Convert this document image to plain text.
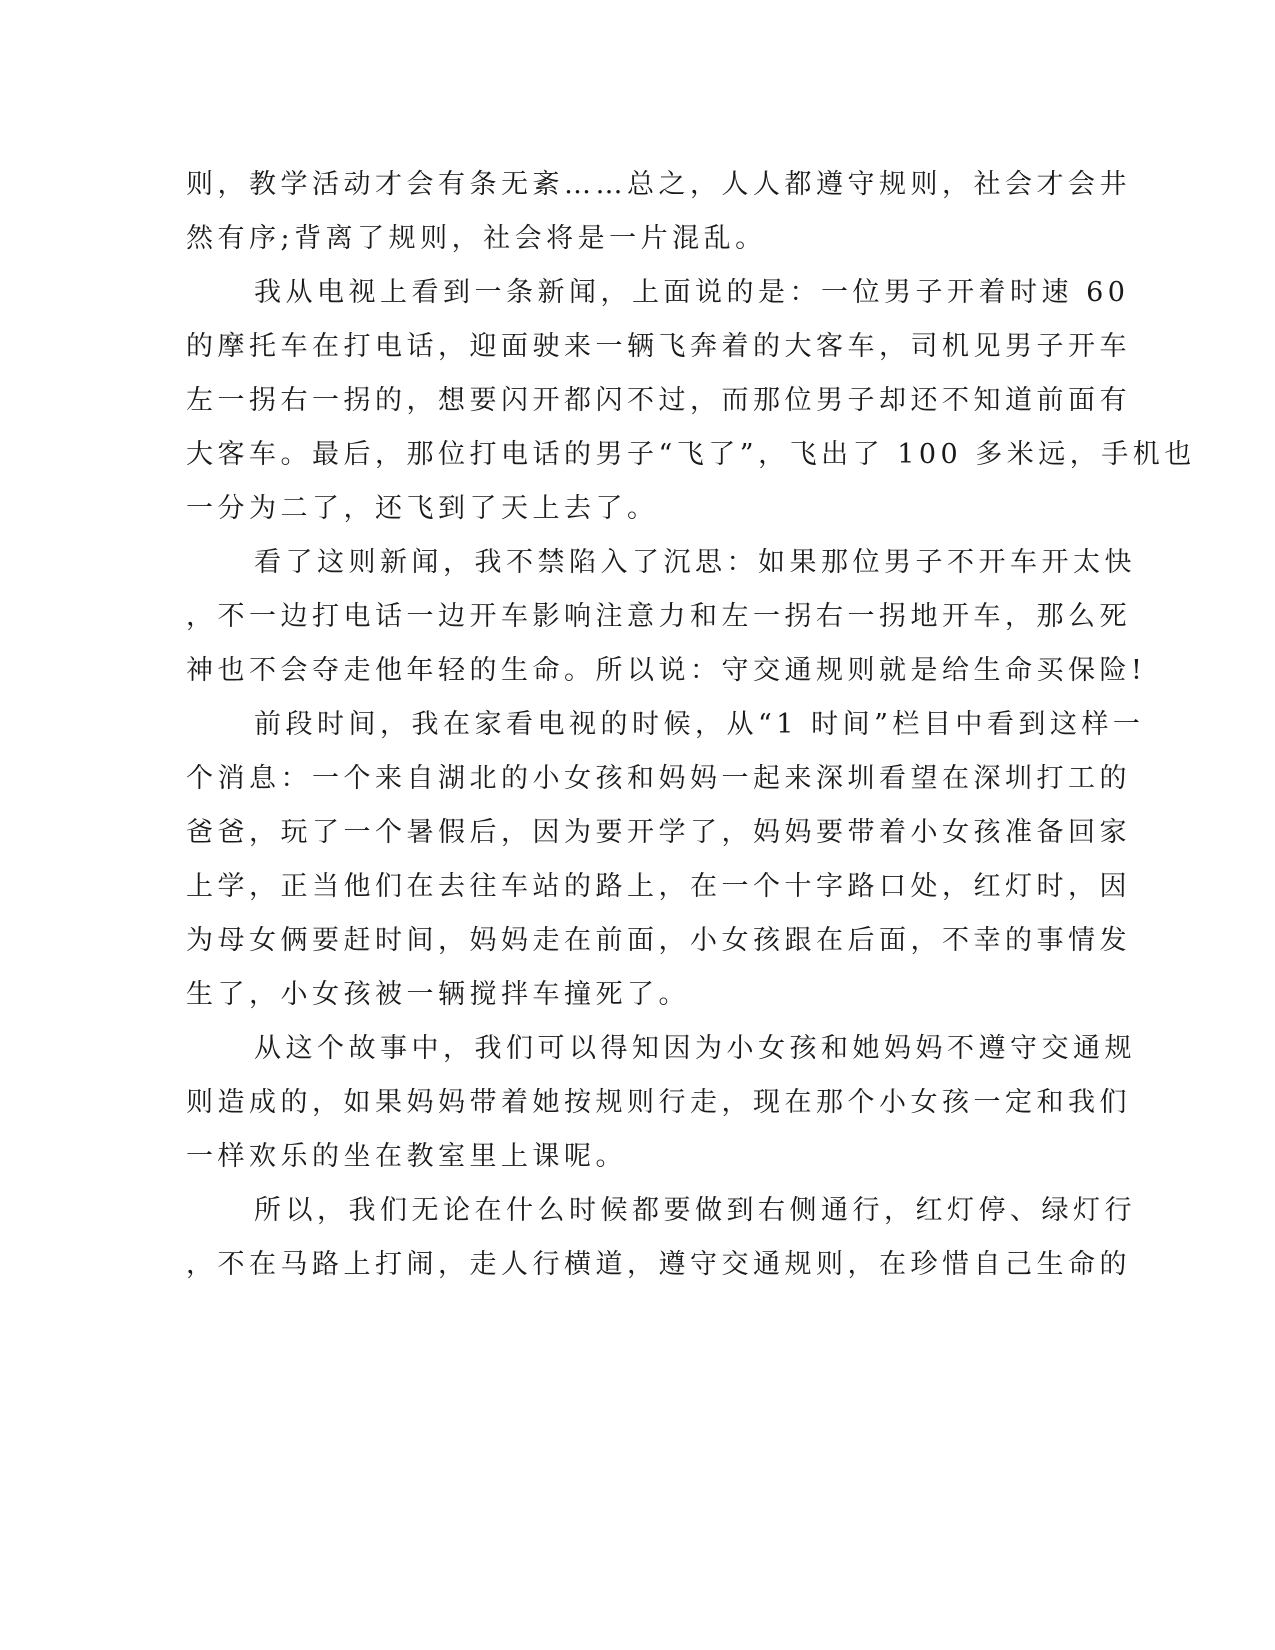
则，教学活动才会有条无紊……总之，人人都遵守规则，社会才会井
然有序;背离了规则，社会将是一片混乱。
我从电视上看到一条新闻，上面说的是：一位男子开着时速 60
的摩托车在打电话，迎面驶来一辆飞奔着的大客车，司机见男子开车
左一拐右一拐的，想要闪开都闪不过，而那位男子却还不知道前面有
大客车。最后，那位打电话的男子“飞了”，飞出了 100 多米远，手机也
一分为二了，还飞到了天上去了。
看了这则新闻，我不禁陷入了沉思：如果那位男子不开车开太快
，不一边打电话一边开车影响注意力和左一拐右一拐地开车，那么死
神也不会夺走他年轻的生命。所以说：守交通规则就是给生命买保险!
前段时间，我在家看电视的时候，从“1 时间”栏目中看到这样一
个消息：一个来自湖北的小女孩和妈妈一起来深圳看望在深圳打工的
爸爸，玩了一个暑假后，因为要开学了，妈妈要带着小女孩准备回家
上学，正当他们在去往车站的路上，在一个十字路口处，红灯时，因
为母女俩要赶时间，妈妈走在前面，小女孩跟在后面，不幸的事情发
生了，小女孩被一辆搅拌车撞死了。
从这个故事中，我们可以得知因为小女孩和她妈妈不遵守交通规
则造成的，如果妈妈带着她按规则行走，现在那个小女孩一定和我们
一样欢乐的坐在教室里上课呢。
所以，我们无论在什么时候都要做到右侧通行，红灯停、绿灯行
，不在马路上打闹，走人行横道，遵守交通规则，在珍惜自己生命的
